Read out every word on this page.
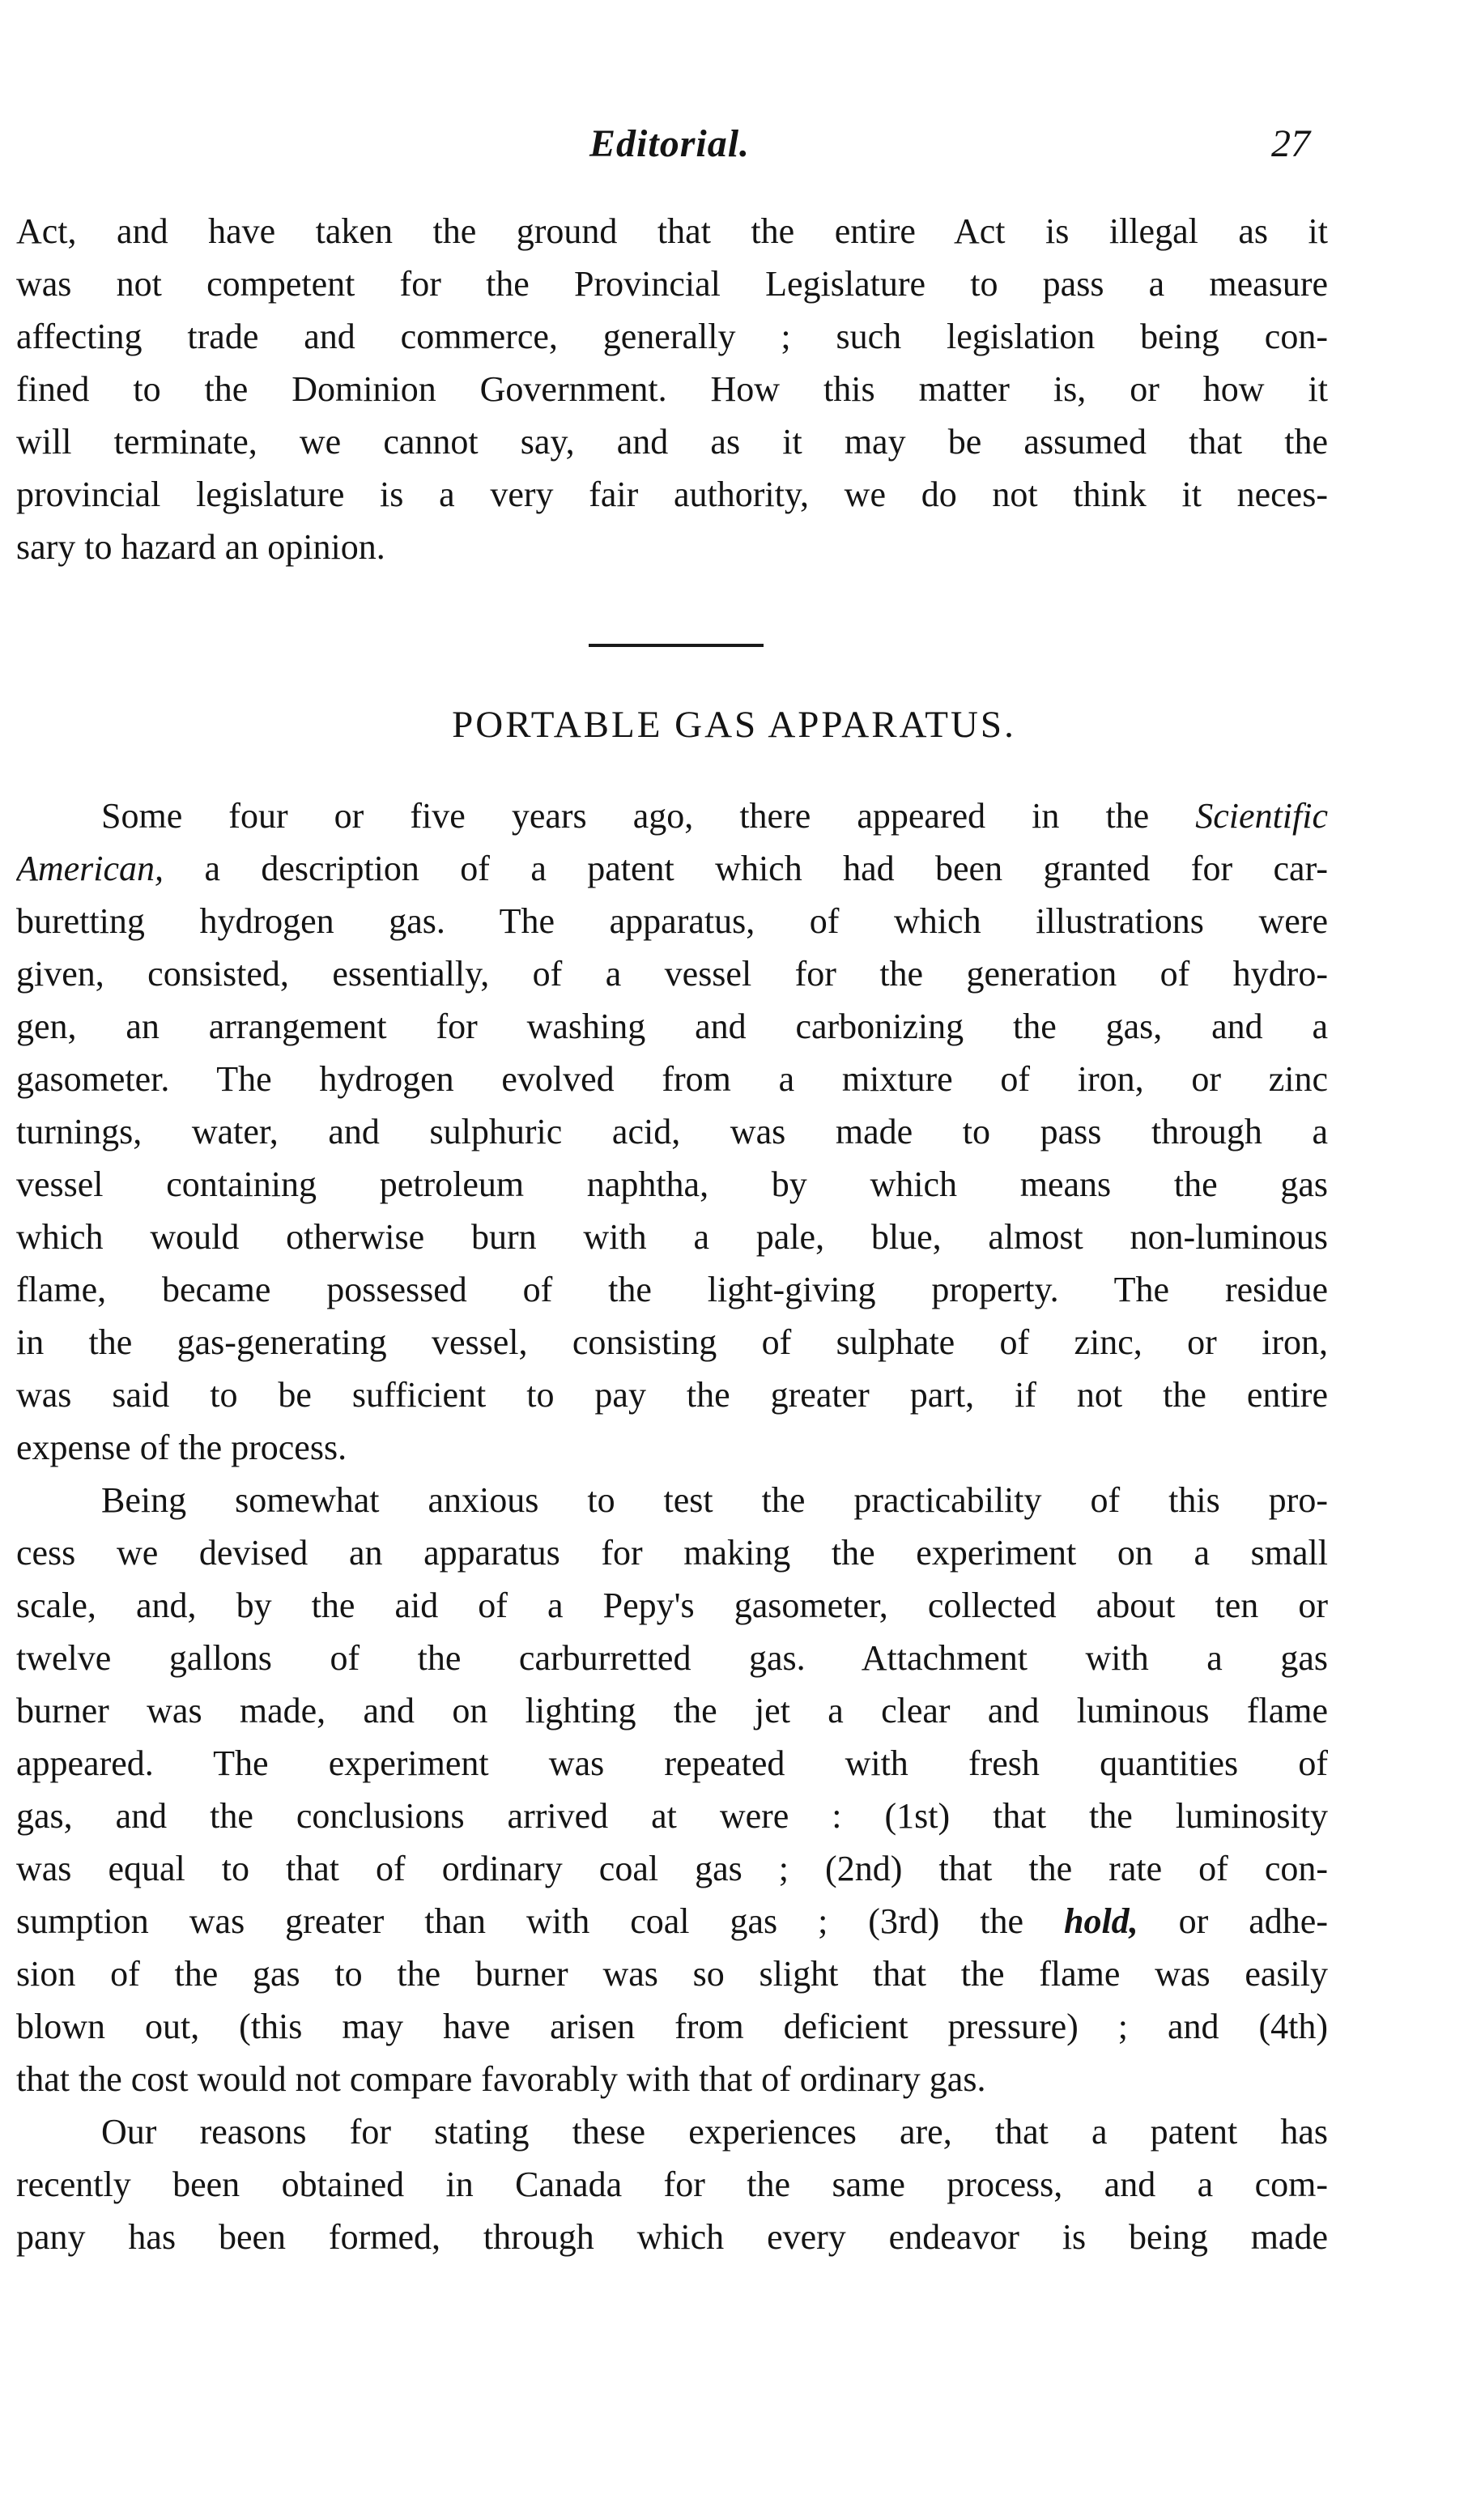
Editorial.	27
Act, and have taken the ground that the entire Act is illegal as it
was not competent for the Provincial Legislature to pass a measure
affecting trade and commerce, generally ; such legislation being con-
fined to the Dominion Government. How this matter is, or how it
will terminate, we cannot say, and as it may be assumed that the
provincial legislature is a very fair authority, we do not think it neces-
sary to hazard an opinion.
PORTABLE GAS APPARATUS.
Some four or five years ago, there appeared in the Scientific
American, a description of a patent which had been granted for car-
buretting hydrogen gas. The apparatus, of which illustrations were
given, consisted, essentially, of a vessel for the generation of hydro-
gen, an arrangement for washing and carbonizing the gas, and a
gasometer. The hydrogen evolved from a mixture of iron, or zinc
turnings, water, and sulphuric acid, was made to pass through a
vessel containing petroleum naphtha, by which means the gas
which would otherwise burn with a pale, blue, almost non-luminous
flame, became possessed of the light-giving property. The residue
in the gas-generating vessel, consisting of sulphate of zinc, or iron,
was said to be sufficient to pay the greater part, if not the entire
expense of the process.
Being somewhat anxious to test the practicability of this pro-
cess we devised an apparatus for making the experiment on a small
scale, and, by the aid of a Pepy's gasometer, collected about ten or
twelve gallons of the carburretted gas. Attachment with a gas
burner was made, and on lighting the jet a clear and luminous flame
appeared. The experiment was repeated with fresh quantities of
gas, and the conclusions arrived at were : (1st) that the luminosity
was equal to that of ordinary coal gas ; (2nd) that the rate of con-
sumption was greater than with coal gas ; (3rd) the hold, or adhe-
sion of the gas to the burner was so slight that the flame was easily
blown out, (this may have arisen from deficient pressure) ; and (4th)
that the cost would not compare favorably with that of ordinary gas.
Our reasons for stating these experiences are, that a patent has
recently been obtained in Canada for the same process, and a com-
pany has been formed, through which every endeavor is being made
